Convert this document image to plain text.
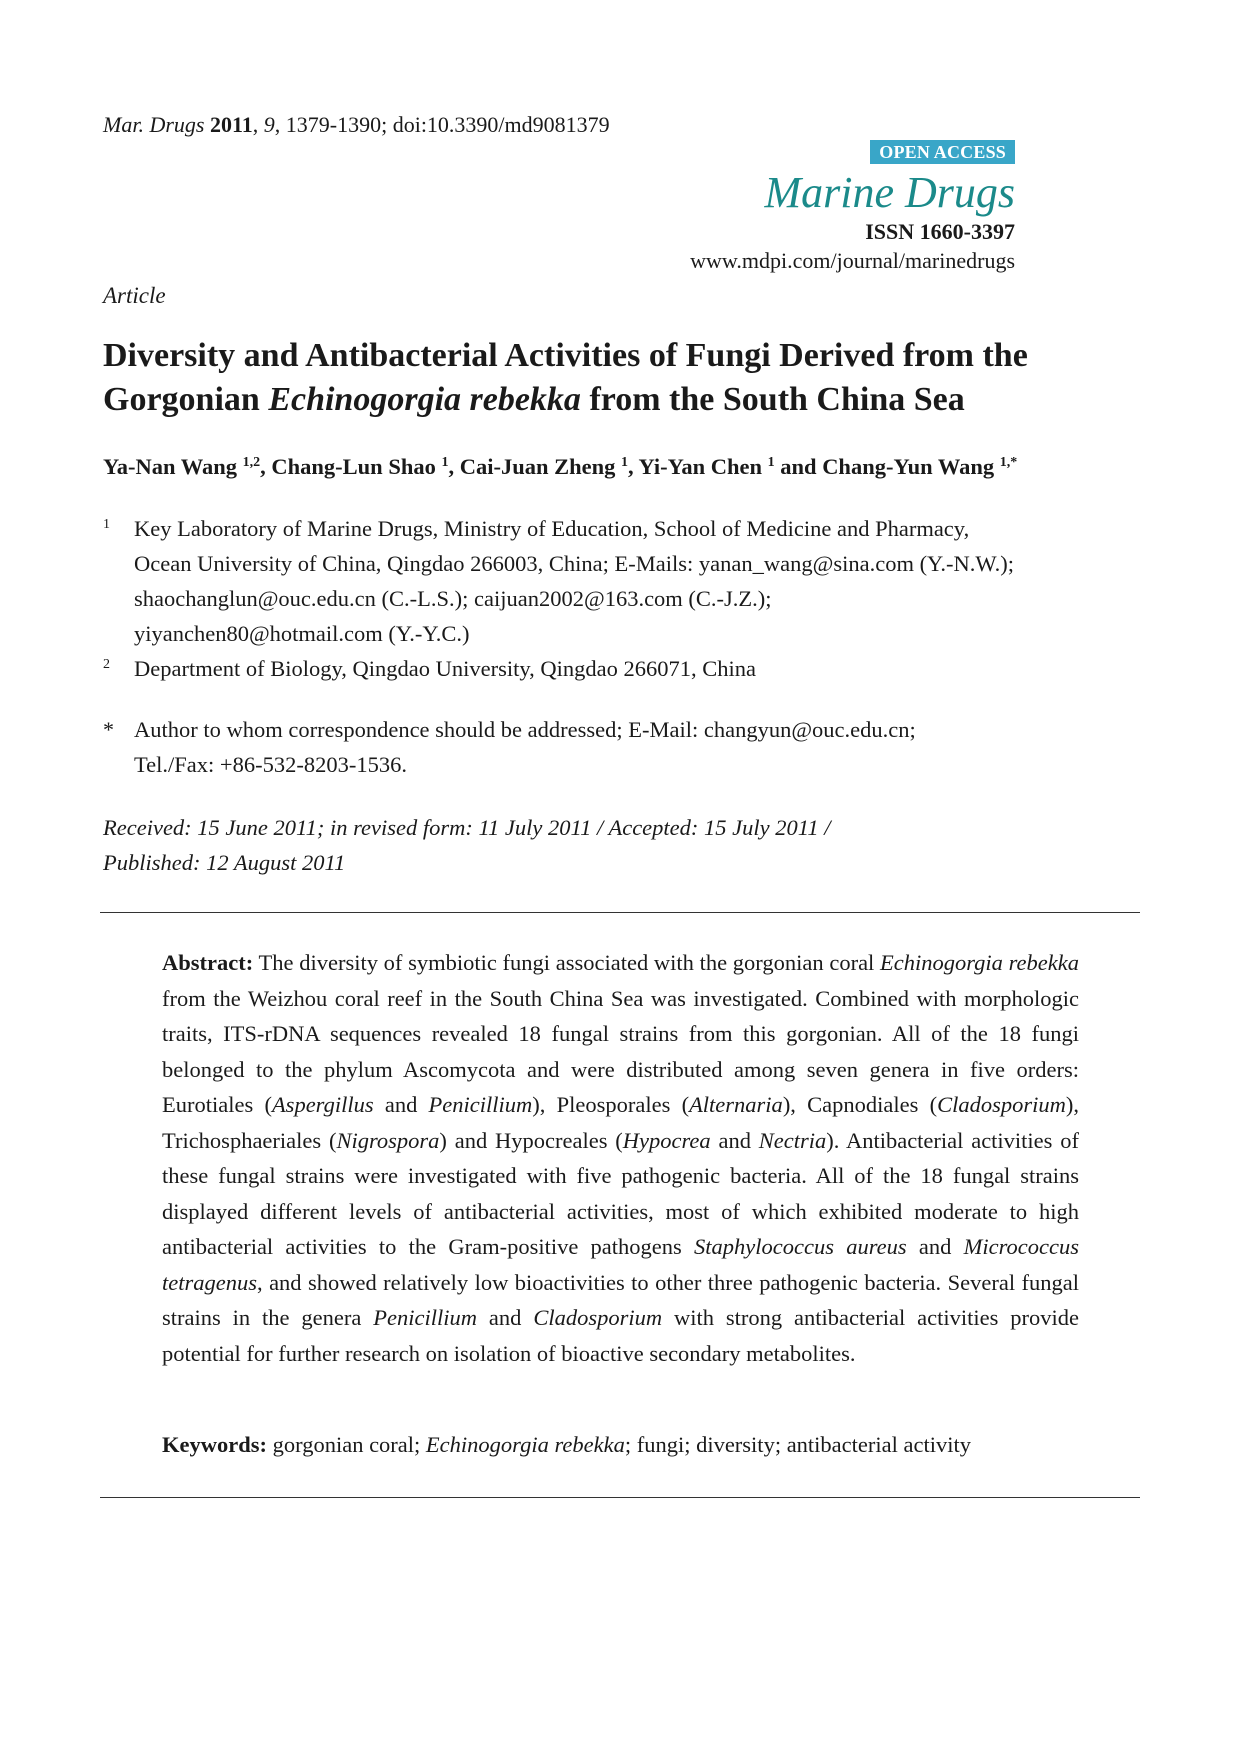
Mar. Drugs 2011, 9, 1379-1390; doi:10.3390/md9081379
OPEN ACCESS
Marine Drugs
ISSN 1660-3397
www.mdpi.com/journal/marinedrugs
Article
Diversity and Antibacterial Activities of Fungi Derived from the
Gorgonian Echinogorgia rebekka from the South China Sea
Ya-Nan Wang $^{1,2}$, Chang-Lun Shao $^1$, Cai-Juan Zheng $^1$, Yi-Yan Chen $^1$ and Chang-Yun Wang $^{1,*}$
1 Key Laboratory of Marine Drugs, Ministry of Education, School of Medicine and Pharmacy,
Ocean University of China, Qingdao 266003, China; E-Mails: yanan_wang@sina.com (Y.-N.W.);
shaochanglun@ouc.edu.cn (C.-L.S.); caijuan2002@163.com (C.-J.Z.);
yiyanchen80@hotmail.com (Y.-Y.C.)
2 Department of Biology, Qingdao University, Qingdao 266071, China
* Author to whom correspondence should be addressed; E-Mail: changyun@ouc.edu.cn;
Tel./Fax: +86-532-8203-1536.
Received: 15 June 2011; in revised form: 11 July 2011 / Accepted: 15 July 2011 /
Published: 12 August 2011
Abstract: The diversity of symbiotic fungi associated with the gorgonian coral Echinogorgia rebekka from the Weizhou coral reef in the South China Sea was investigated. Combined with morphologic traits, ITS-rDNA sequences revealed 18 fungal strains from this gorgonian. All of the 18 fungi belonged to the phylum Ascomycota and were distributed among seven genera in five orders: Eurotiales (Aspergillus and Penicillium), Pleosporales (Alternaria), Capnodiales (Cladosporium), Trichosphaeriales (Nigrospora) and Hypocreales (Hypocrea and Nectria). Antibacterial activities of these fungal strains were investigated with five pathogenic bacteria. All of the 18 fungal strains displayed different levels of antibacterial activities, most of which exhibited moderate to high antibacterial activities to the Gram-positive pathogens Staphylococcus aureus and Micrococcus tetragenus, and showed relatively low bioactivities to other three pathogenic bacteria. Several fungal strains in the genera Penicillium and Cladosporium with strong antibacterial activities provide potential for further research on isolation of bioactive secondary metabolites.
Keywords: gorgonian coral; Echinogorgia rebekka; fungi; diversity; antibacterial activity
